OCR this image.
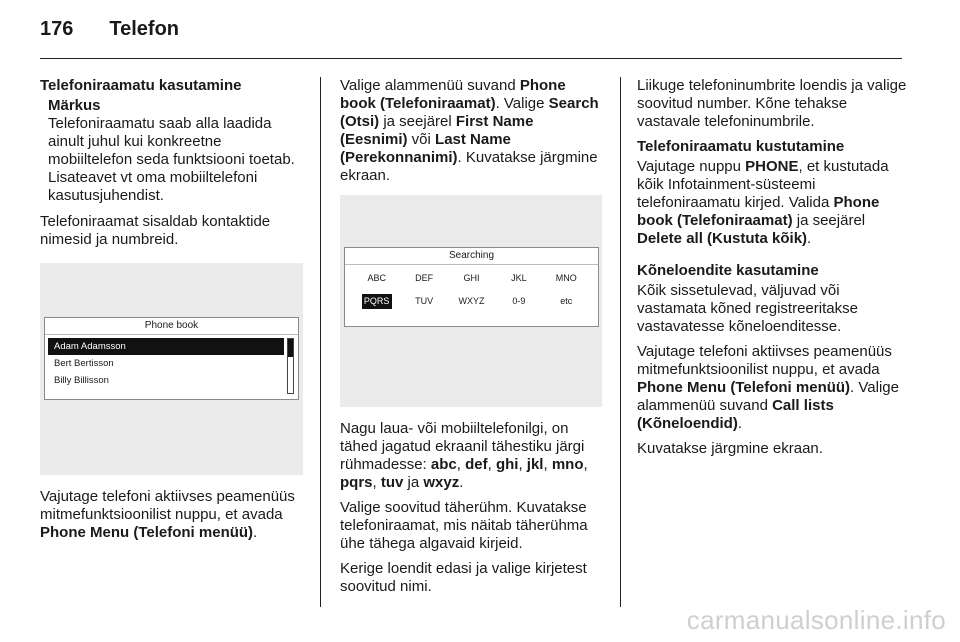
176 Telefon
Telefoniraamatu kasutamine
Märkus
Telefoniraamatu saab alla laadida ainult juhul kui konkreetne mobiiltelefon seda funktsiooni toetab. Lisateavet vt oma mobiiltelefoni kasutusjuhendist.

Telefoniraamat sisaldab kontaktide nimesid ja numbreid.

Phone book
Adam Adamsson
Bert Bertisson
Billy Billisson

Vajutage telefoni aktiivses peamenüüs mitmefunktsioonilist nuppu, et avada Phone Menu (Telefoni menüü).

Valige alammenüü suvand Phone book (Telefoniraamat). Valige Search (Otsi) ja seejärel First Name (Eesnimi) või Last Name (Perekonnanimi). Kuvatakse järgmine ekraan.

Searching
ABC	DEF	GHI	JKL	MNO
PQRS	TUV	WXYZ	0-9	etc

Nagu laua- või mobiiltelefonilgi, on tähed jagatud ekraanil tähestiku järgi rühmadesse: abc, def, ghi, jkl, mno, pqrs, tuv ja wxyz.

Valige soovitud täherühm. Kuvatakse telefoniraamat, mis näitab täherühma ühe tähega algavaid kirjeid.

Kerige loendit edasi ja valige kirjetest soovitud nimi.

Liikuge telefoninumbrite loendis ja valige soovitud number. Kõne tehakse vastavale telefoninumbrile.

Telefoniraamatu kustutamine

Vajutage nuppu PHONE, et kustutada kõik Infotainment-süsteemi telefoniraamatu kirjed. Valida Phone book (Telefoniraamat) ja seejärel Delete all (Kustuta kõik).

Kõneloendite kasutamine

Kõik sissetulevad, väljuvad või vastamata kõned registreeritakse vastavatesse kõneloenditesse.

Vajutage telefoni aktiivses peamenüüs mitmefunktsioonilist nuppu, et avada Phone Menu (Telefoni menüü). Valige alammenüü suvand Call lists (Kõneloendid).

Kuvatakse järgmine ekraan.

carmanualsonline.info
